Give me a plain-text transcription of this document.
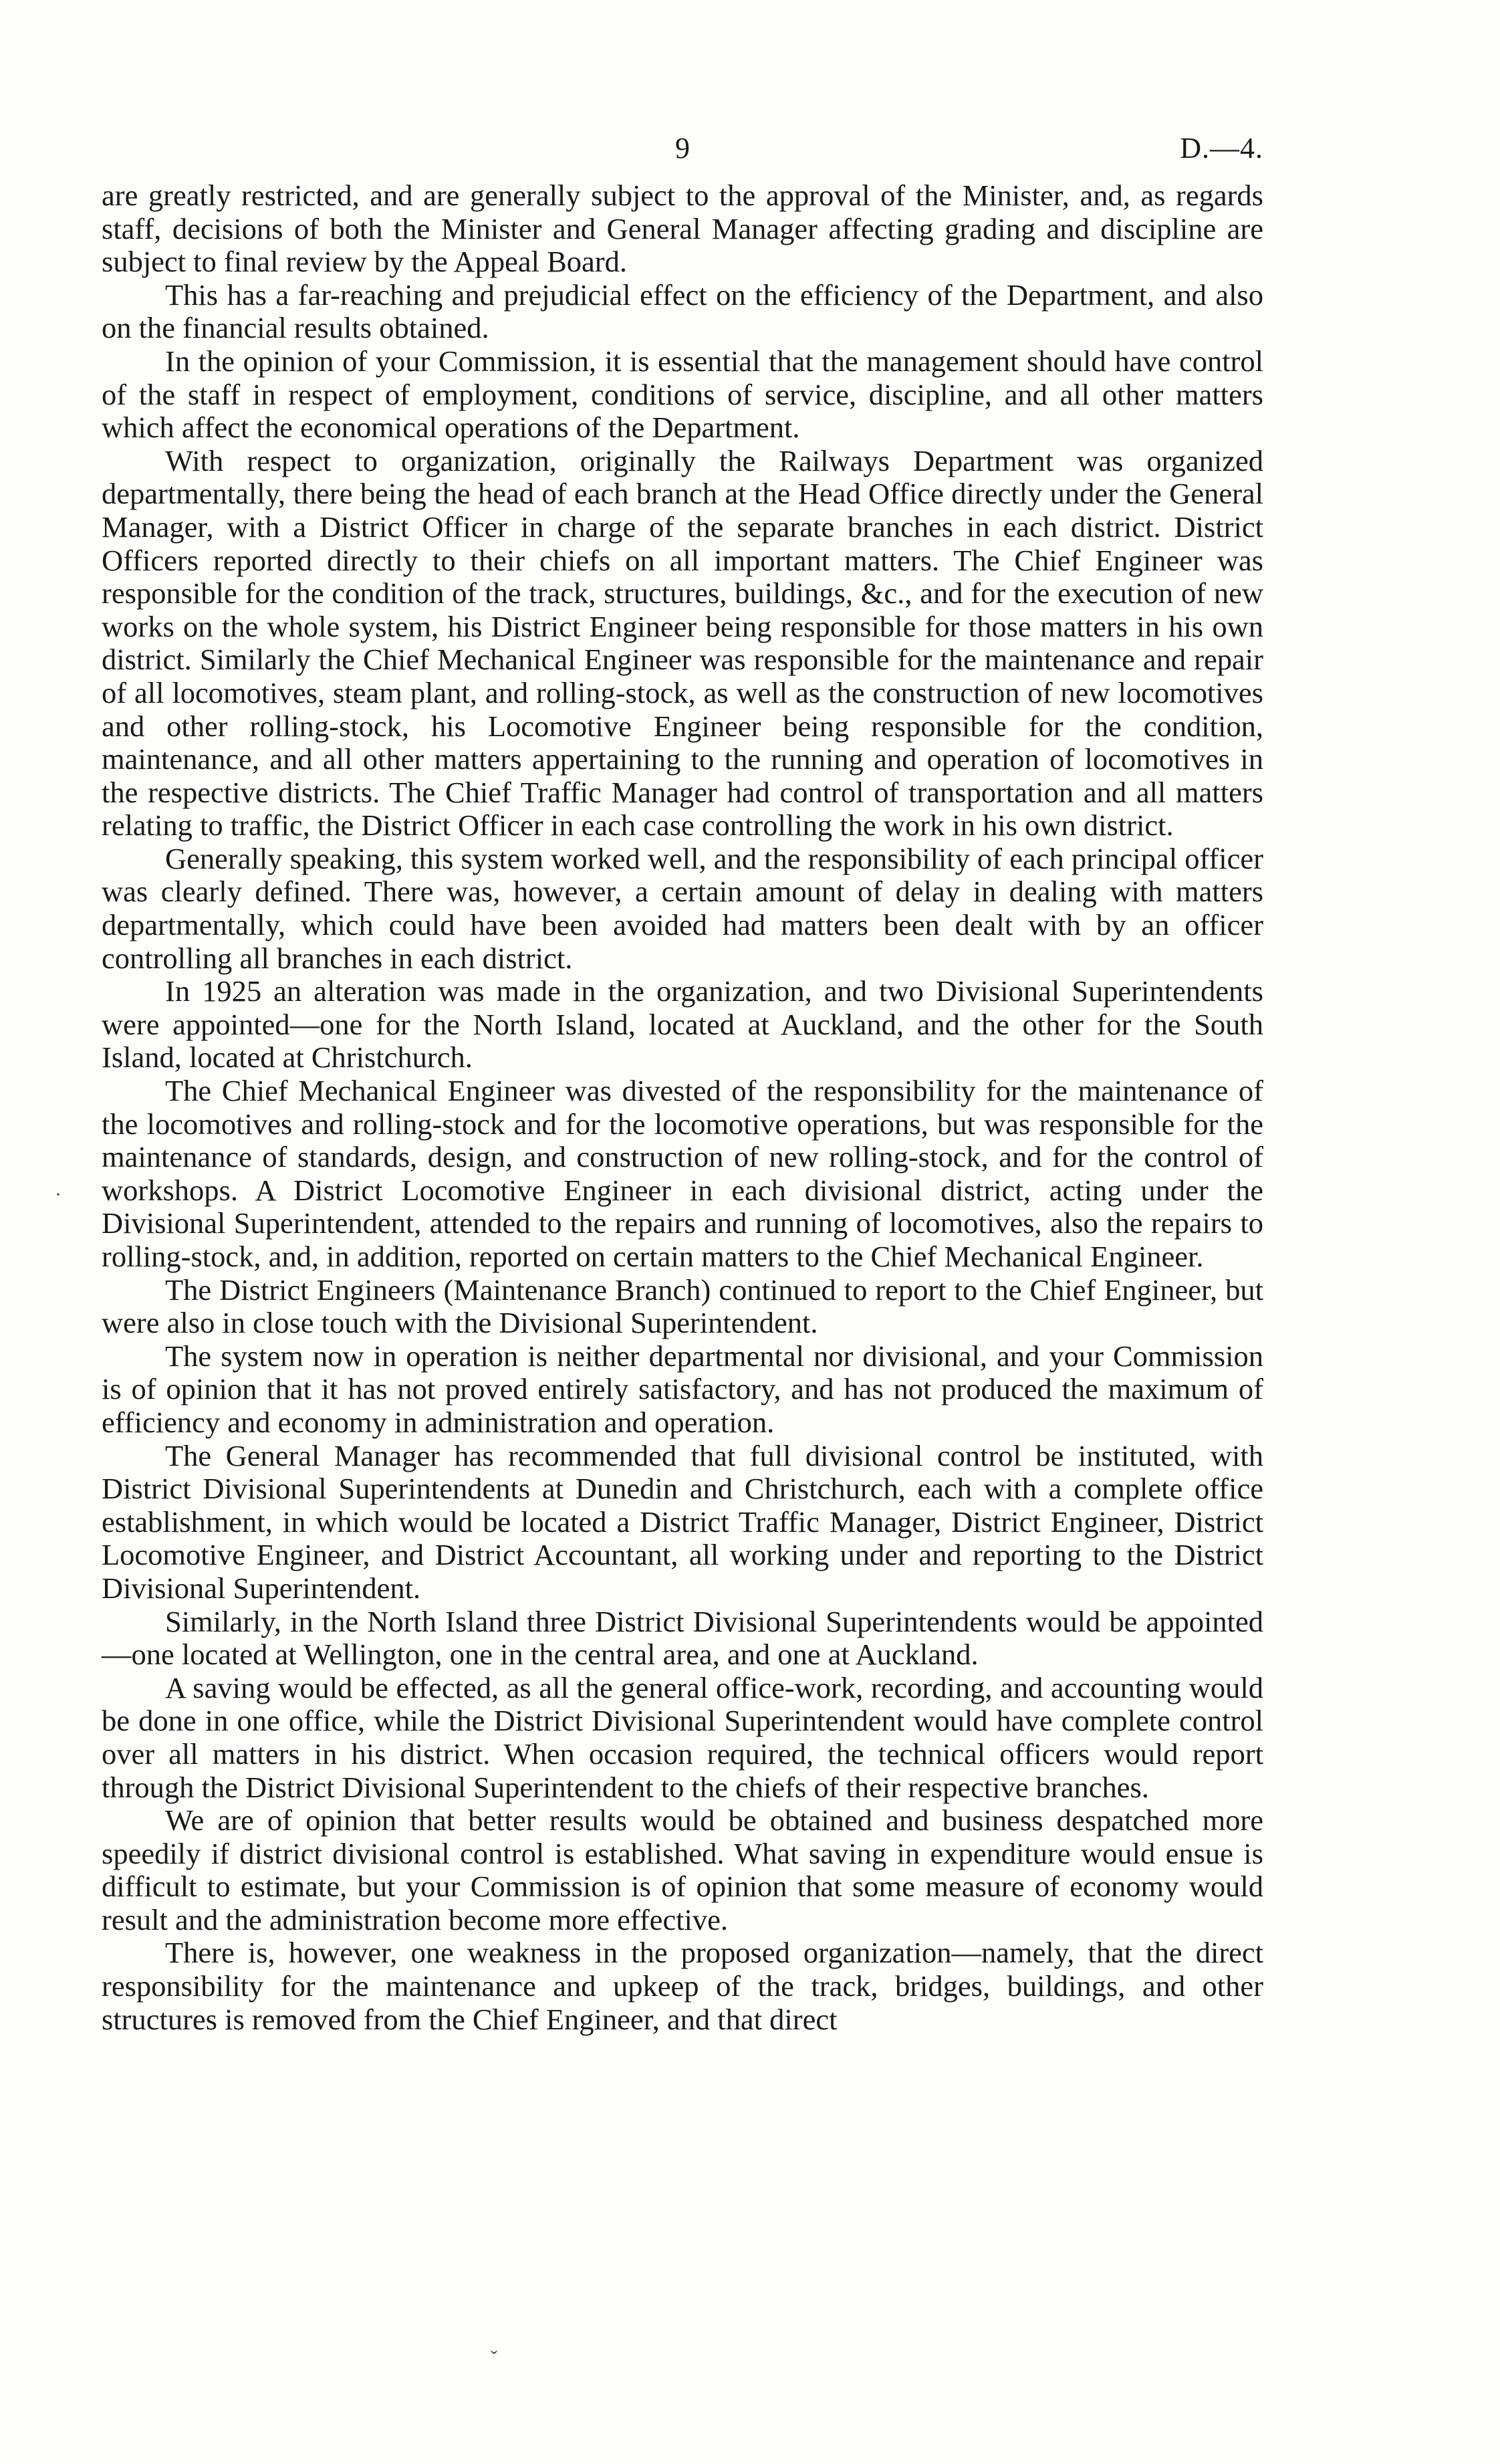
9	D.—4.

are greatly restricted, and are generally subject to the approval of the Minister, and, as regards staff, decisions of both the Minister and General Manager affecting grading and discipline are subject to final review by the Appeal Board.

This has a far-reaching and prejudicial effect on the efficiency of the Department, and also on the financial results obtained.

In the opinion of your Commission, it is essential that the management should have control of the staff in respect of employment, conditions of service, discipline, and all other matters which affect the economical operations of the Department.

With respect to organization, originally the Railways Department was organized departmentally, there being the head of each branch at the Head Office directly under the General Manager, with a District Officer in charge of the separate branches in each district. District Officers reported directly to their chiefs on all important matters. The Chief Engineer was responsible for the condition of the track, structures, buildings, &c., and for the execution of new works on the whole system, his District Engineer being responsible for those matters in his own district. Similarly the Chief Mechanical Engineer was responsible for the maintenance and repair of all locomotives, steam plant, and rolling-stock, as well as the construction of new locomotives and other rolling-stock, his Locomotive Engineer being responsible for the condition, maintenance, and all other matters appertaining to the running and operation of locomotives in the respective districts. The Chief Traffic Manager had control of transportation and all matters relating to traffic, the District Officer in each case controlling the work in his own district.

Generally speaking, this system worked well, and the responsibility of each principal officer was clearly defined. There was, however, a certain amount of delay in dealing with matters departmentally, which could have been avoided had matters been dealt with by an officer controlling all branches in each district.

In 1925 an alteration was made in the organization, and two Divisional Superintendents were appointed—one for the North Island, located at Auckland, and the other for the South Island, located at Christchurch.

The Chief Mechanical Engineer was divested of the responsibility for the maintenance of the locomotives and rolling-stock and for the locomotive operations, but was responsible for the maintenance of standards, design, and construction of new rolling-stock, and for the control of workshops. A District Locomotive Engineer in each divisional district, acting under the Divisional Superintendent, attended to the repairs and running of locomotives, also the repairs to rolling-stock, and, in addition, reported on certain matters to the Chief Mechanical Engineer.

The District Engineers (Maintenance Branch) continued to report to the Chief Engineer, but were also in close touch with the Divisional Superintendent.

The system now in operation is neither departmental nor divisional, and your Commission is of opinion that it has not proved entirely satisfactory, and has not produced the maximum of efficiency and economy in administration and operation.

The General Manager has recommended that full divisional control be instituted, with District Divisional Superintendents at Dunedin and Christchurch, each with a complete office establishment, in which would be located a District Traffic Manager, District Engineer, District Locomotive Engineer, and District Accountant, all working under and reporting to the District Divisional Superintendent.

Similarly, in the North Island three District Divisional Superintendents would be appointed—one located at Wellington, one in the central area, and one at Auckland.

A saving would be effected, as all the general office-work, recording, and accounting would be done in one office, while the District Divisional Superintendent would have complete control over all matters in his district. When occasion required, the technical officers would report through the District Divisional Superintendent to the chiefs of their respective branches.

We are of opinion that better results would be obtained and business despatched more speedily if district divisional control is established. What saving in expenditure would ensue is difficult to estimate, but your Commission is of opinion that some measure of economy would result and the administration become more effective.

There is, however, one weakness in the proposed organization—namely, that the direct responsibility for the maintenance and upkeep of the track, bridges, buildings, and other structures is removed from the Chief Engineer, and that direct

·
ˇ
